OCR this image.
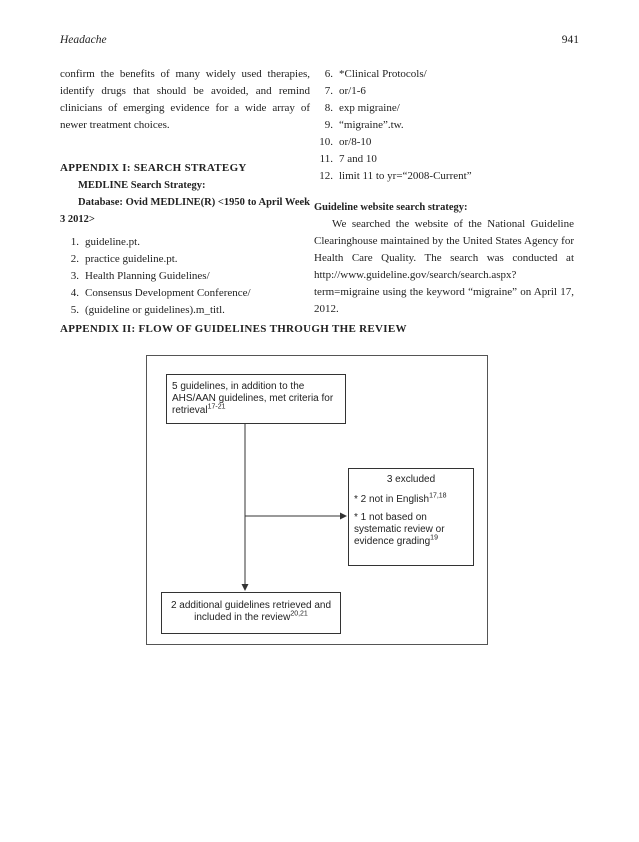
Headache	941

confirm the benefits of many widely used therapies, identify drugs that should be avoided, and remind clinicians of emerging evidence for a wide array of newer treatment choices.

APPENDIX I: SEARCH STRATEGY

MEDLINE Search Strategy:

Database: Ovid MEDLINE(R) <1950 to April Week 3 2012>

1. guideline.pt.
2. practice guideline.pt.
3. Health Planning Guidelines/
4. Consensus Development Conference/
5. (guideline or guidelines).m_titl.
6. *Clinical Protocols/
7. or/1-6
8. exp migraine/
9. “migraine”.tw.
10. or/8-10
11. 7 and 10
12. limit 11 to yr=“2008-Current”

Guideline website search strategy:

We searched the website of the National Guideline Clearinghouse maintained by the United States Agency for Health Care Quality. The search was conducted at http://www.guideline.gov/search/search.aspx?term=migraine using the keyword “migraine” on April 17, 2012.

APPENDIX II: FLOW OF GUIDELINES THROUGH THE REVIEW
5 guidelines, in addition to the AHS/AAN guidelines, met criteria for retrieval$^{17-21}$
3 excluded
* 2 not in English$^{17,18}$
* 1 not based on systematic review or evidence grading$^{19}$
2 additional guidelines retrieved and included in the review$^{20,21}$
